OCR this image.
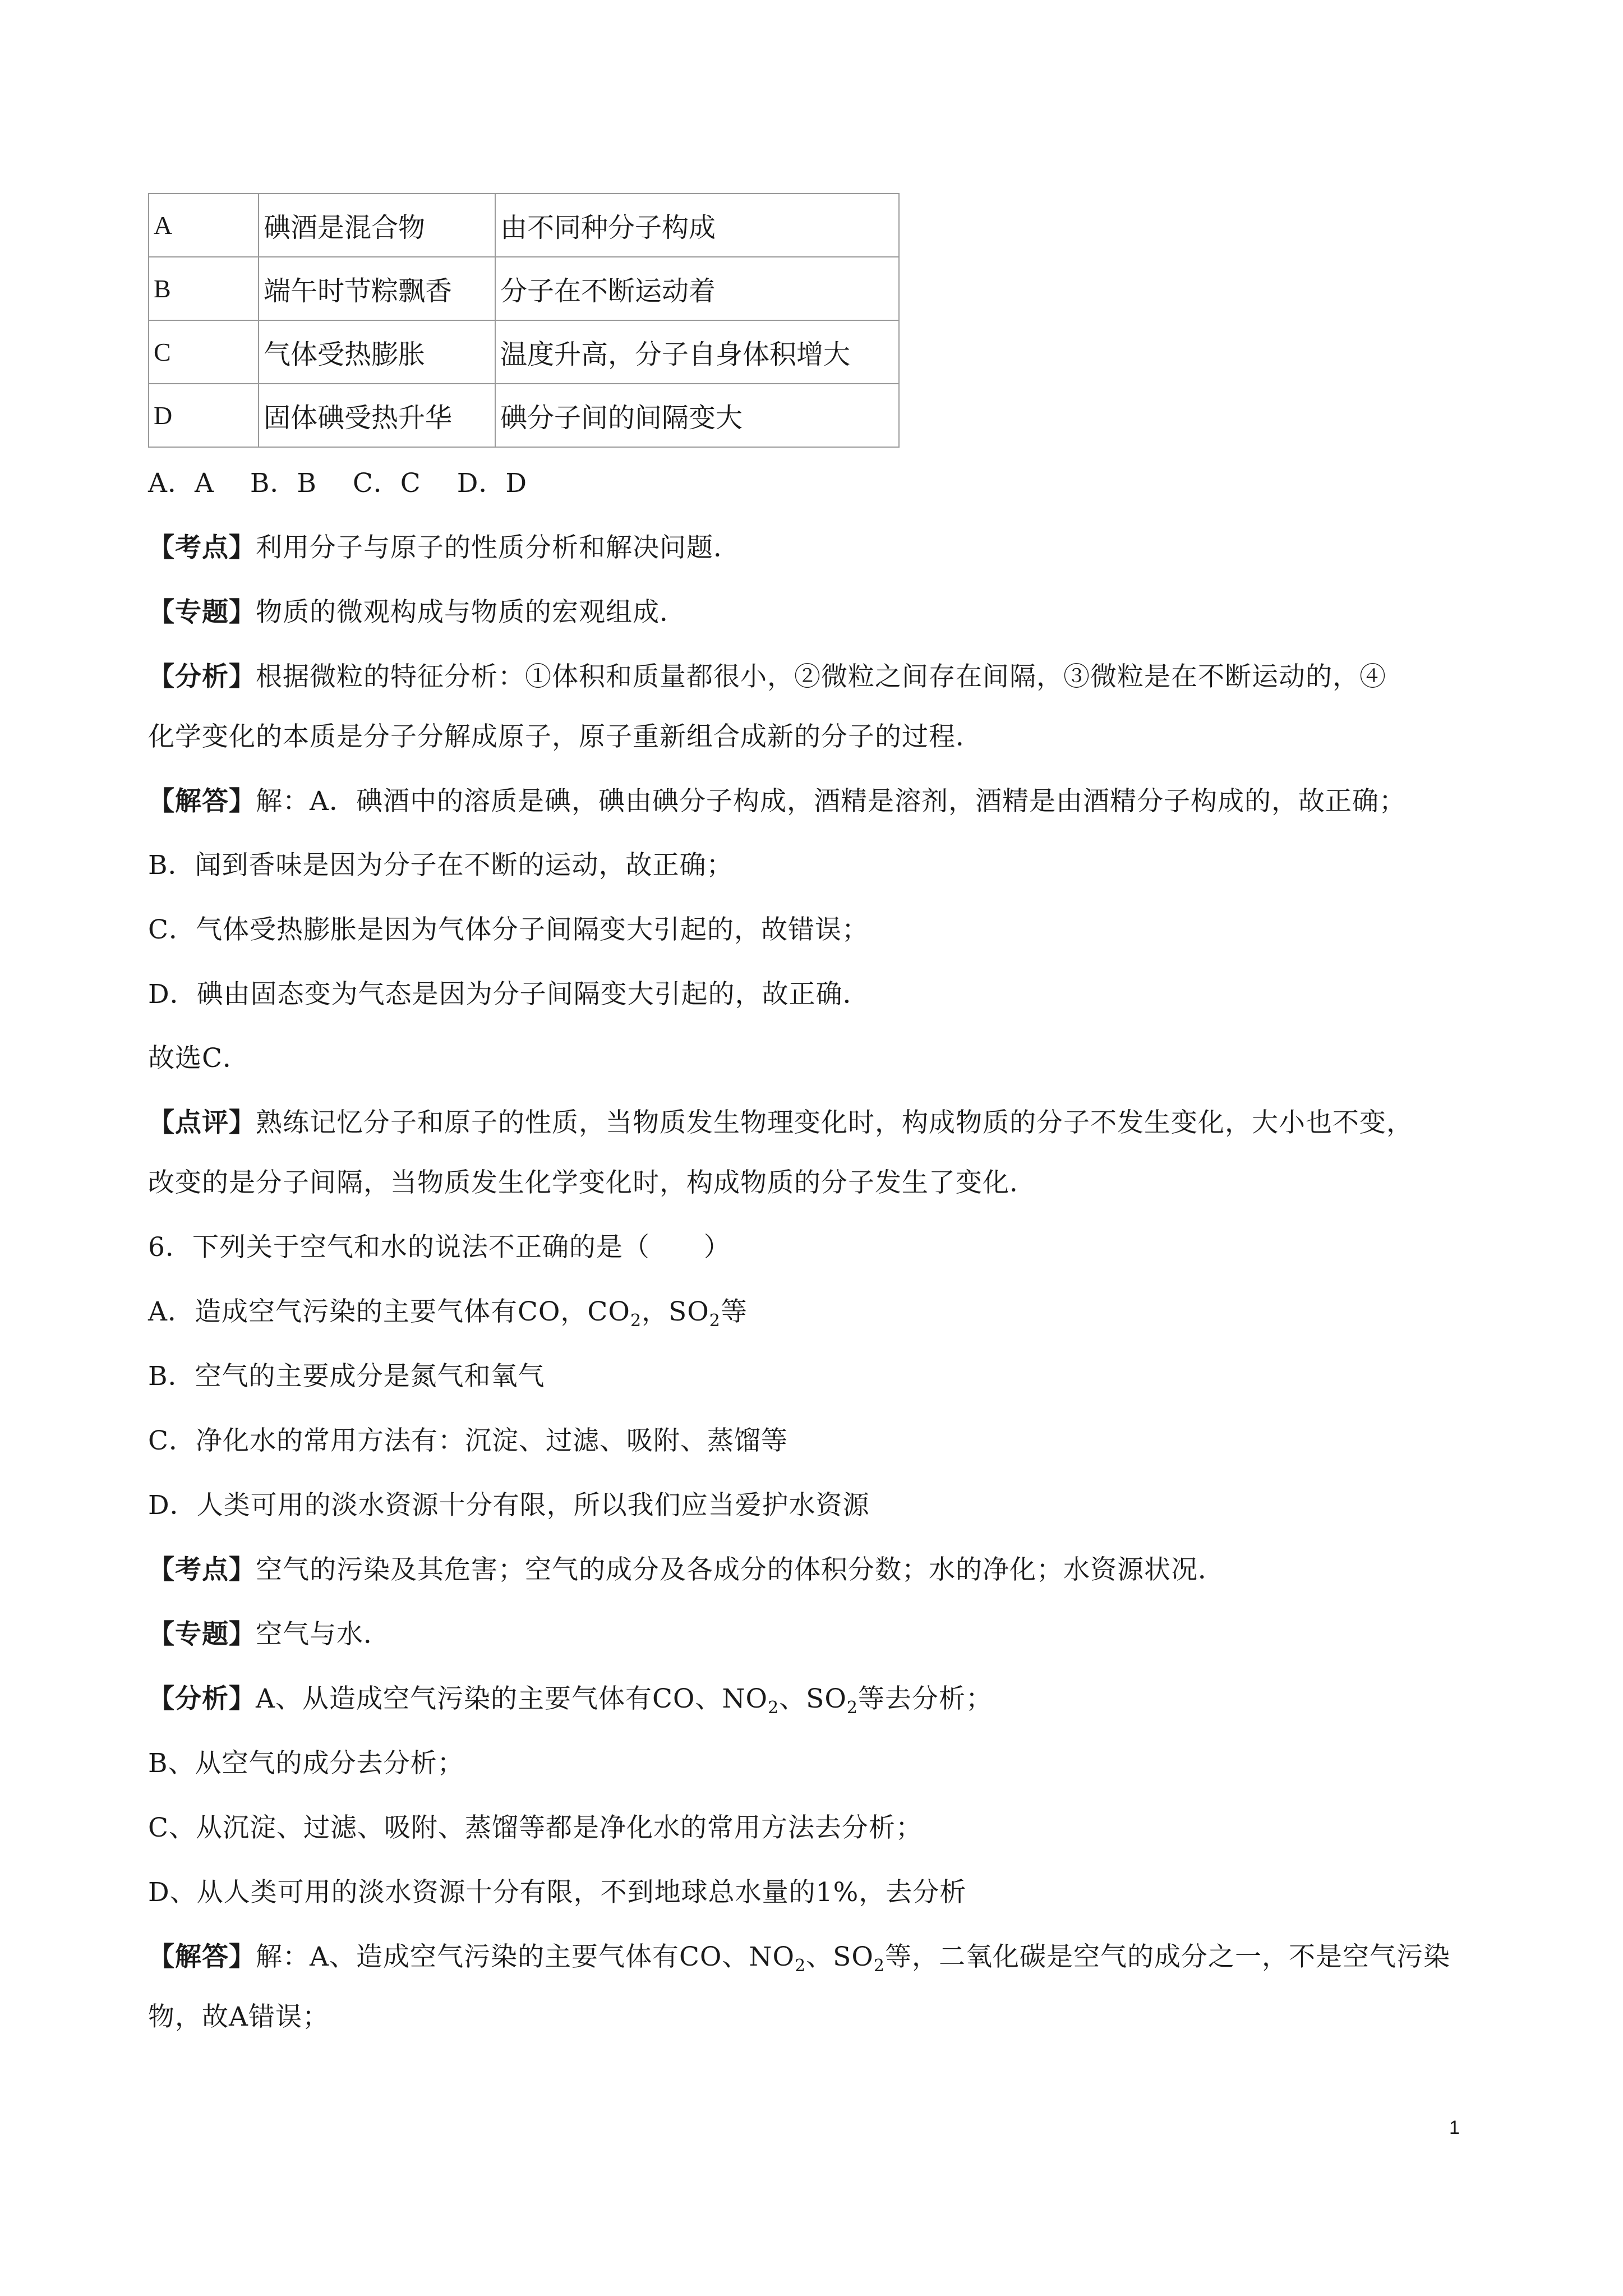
A	碘酒是混合物	由不同种分子构成
B	端午时节粽飘香	分子在不断运动着
C	气体受热膨胀	温度升高，分子自身体积增大
D	固体碘受热升华	碘分子间的间隔变大
A．A　 B．B　 C．C　 D．D
【考点】利用分子与原子的性质分析和解决问题．
【专题】物质的微观构成与物质的宏观组成．
【分析】根据微粒的特征分析：①体积和质量都很小，②微粒之间存在间隔，③微粒是在不断运动的，④
化学变化的本质是分子分解成原子，原子重新组合成新的分子的过程．
【解答】解：A．碘酒中的溶质是碘，碘由碘分子构成，酒精是溶剂，酒精是由酒精分子构成的，故正确；
B．闻到香味是因为分子在不断的运动，故正确；
C．气体受热膨胀是因为气体分子间隔变大引起的，故错误；
D．碘由固态变为气态是因为分子间隔变大引起的，故正确．
故选C．
【点评】熟练记忆分子和原子的性质，当物质发生物理变化时，构成物质的分子不发生变化，大小也不变，
改变的是分子间隔，当物质发生化学变化时，构成物质的分子发生了变化．
6．下列关于空气和水的说法不正确的是（　　）
A．造成空气污染的主要气体有CO，$CO_2$，$SO_2$等
B．空气的主要成分是氮气和氧气
C．净化水的常用方法有：沉淀、过滤、吸附、蒸馏等
D．人类可用的淡水资源十分有限，所以我们应当爱护水资源
【考点】空气的污染及其危害；空气的成分及各成分的体积分数；水的净化；水资源状况．
【专题】空气与水．
【分析】A、从造成空气污染的主要气体有CO、$NO_2$、$SO_2$等去分析；
B、从空气的成分去分析；
C、从沉淀、过滤、吸附、蒸馏等都是净化水的常用方法去分析；
D、从人类可用的淡水资源十分有限，不到地球总水量的1%，去分析
【解答】解：A、造成空气污染的主要气体有CO、$NO_2$、$SO_2$等，二氧化碳是空气的成分之一，不是空气污染
物，故A错误；
1
